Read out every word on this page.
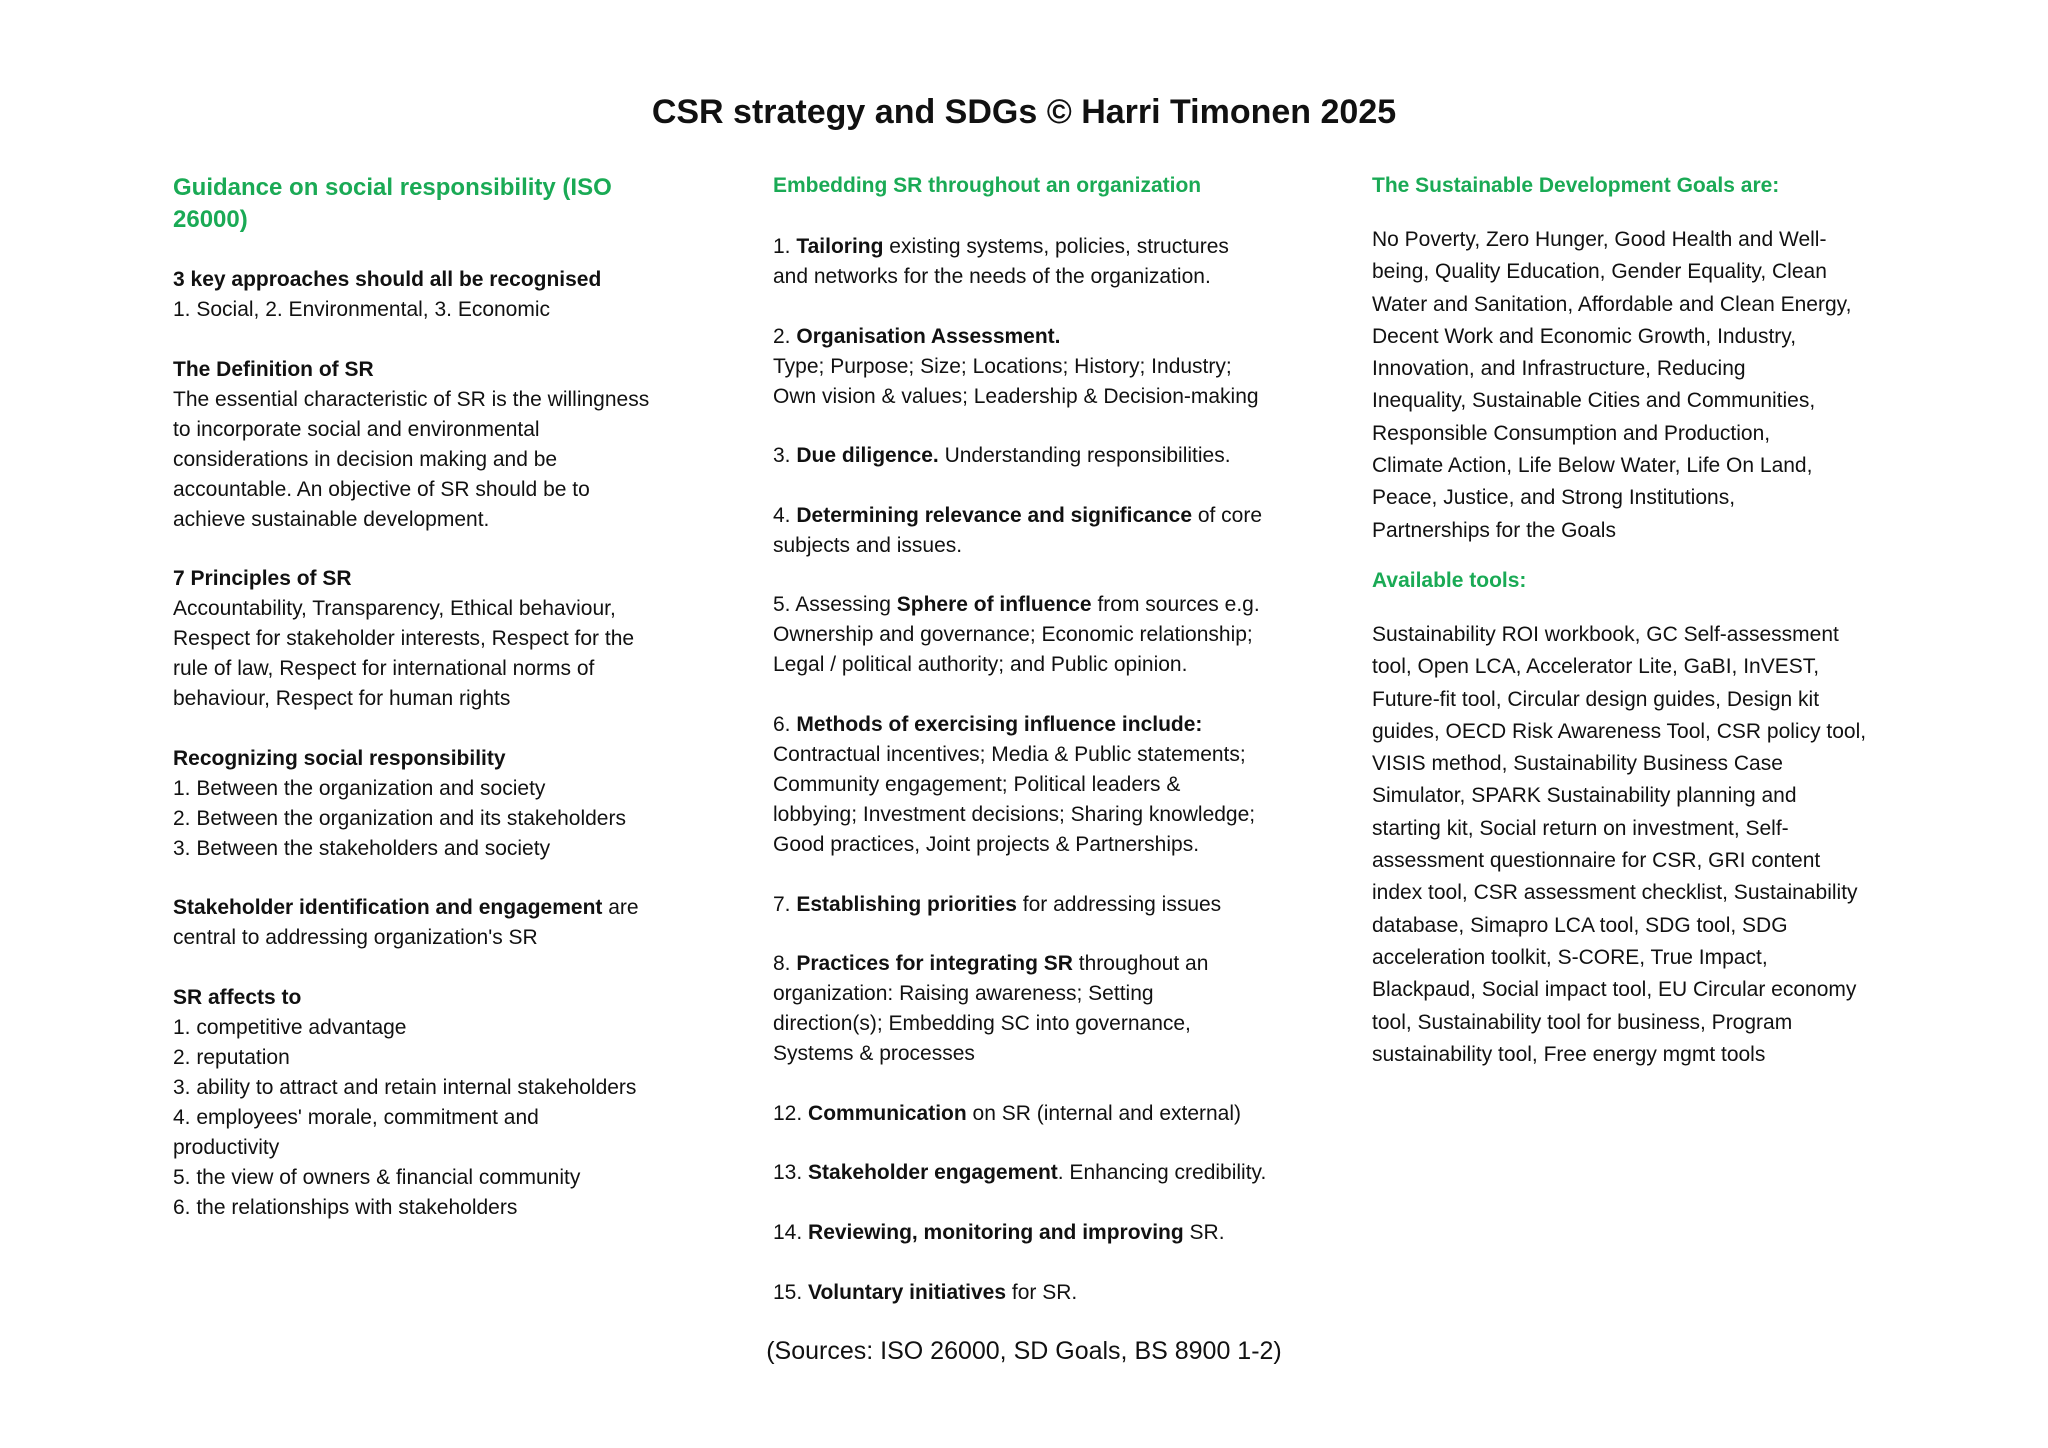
CSR strategy and SDGs © Harri Timonen 2025
Guidance on social responsibility (ISO 26000)
3 key approaches should all be recognised
1. Social, 2. Environmental, 3. Economic
The Definition of SR
The essential characteristic of SR is the willingness
to incorporate social and environmental
considerations in decision making and be
accountable. An objective of SR should be to
achieve sustainable development.
7 Principles of SR
Accountability, Transparency, Ethical behaviour,
Respect for stakeholder interests, Respect for the
rule of law, Respect for international norms of
behaviour, Respect for human rights
Recognizing social responsibility
1. Between the organization and society
2. Between the organization and its stakeholders
3. Between the stakeholders and society
Stakeholder identification and engagement are
central to addressing organization's SR
SR affects to
1. competitive advantage
2. reputation
3. ability to attract and retain internal stakeholders
4. employees' morale, commitment and
productivity
5. the view of owners & financial community
6. the relationships with stakeholders
Embedding SR throughout an organization
1. Tailoring existing systems, policies, structures
and networks for the needs of the organization.
2. Organisation Assessment.
Type; Purpose; Size; Locations; History; Industry;
Own vision & values; Leadership & Decision-making
3. Due diligence. Understanding responsibilities.
4. Determining relevance and significance of core
subjects and issues.
5. Assessing Sphere of influence from sources e.g.
Ownership and governance; Economic relationship;
Legal / political authority; and Public opinion.
6. Methods of exercising influence include:
Contractual incentives; Media & Public statements;
Community engagement; Political leaders &
lobbying; Investment decisions; Sharing knowledge;
Good practices, Joint projects & Partnerships.
7. Establishing priorities for addressing issues
8. Practices for integrating SR throughout an
organization: Raising awareness; Setting
direction(s); Embedding SC into governance,
Systems & processes
12. Communication on SR (internal and external)
13. Stakeholder engagement. Enhancing credibility.
14. Reviewing, monitoring and improving SR.
15. Voluntary initiatives for SR.
The Sustainable Development Goals are:
No Poverty, Zero Hunger, Good Health and Well-
being, Quality Education, Gender Equality, Clean
Water and Sanitation, Affordable and Clean Energy,
Decent Work and Economic Growth, Industry,
Innovation, and Infrastructure, Reducing
Inequality, Sustainable Cities and Communities,
Responsible Consumption and Production,
Climate Action, Life Below Water, Life On Land,
Peace, Justice, and Strong Institutions,
Partnerships for the Goals
Available tools:
Sustainability ROI workbook, GC Self-assessment
tool, Open LCA, Accelerator Lite, GaBI, InVEST,
Future-fit tool, Circular design guides, Design kit
guides, OECD Risk Awareness Tool, CSR policy tool,
VISIS method, Sustainability Business Case
Simulator, SPARK Sustainability planning and
starting kit, Social return on investment, Self-
assessment questionnaire for CSR, GRI content
index tool, CSR assessment checklist, Sustainability
database, Simapro LCA tool, SDG tool, SDG
acceleration toolkit, S-CORE, True Impact,
Blackpaud, Social impact tool, EU Circular economy
tool, Sustainability tool for business, Program
sustainability tool, Free energy mgmt tools
(Sources: ISO 26000, SD Goals, BS 8900 1-2)
